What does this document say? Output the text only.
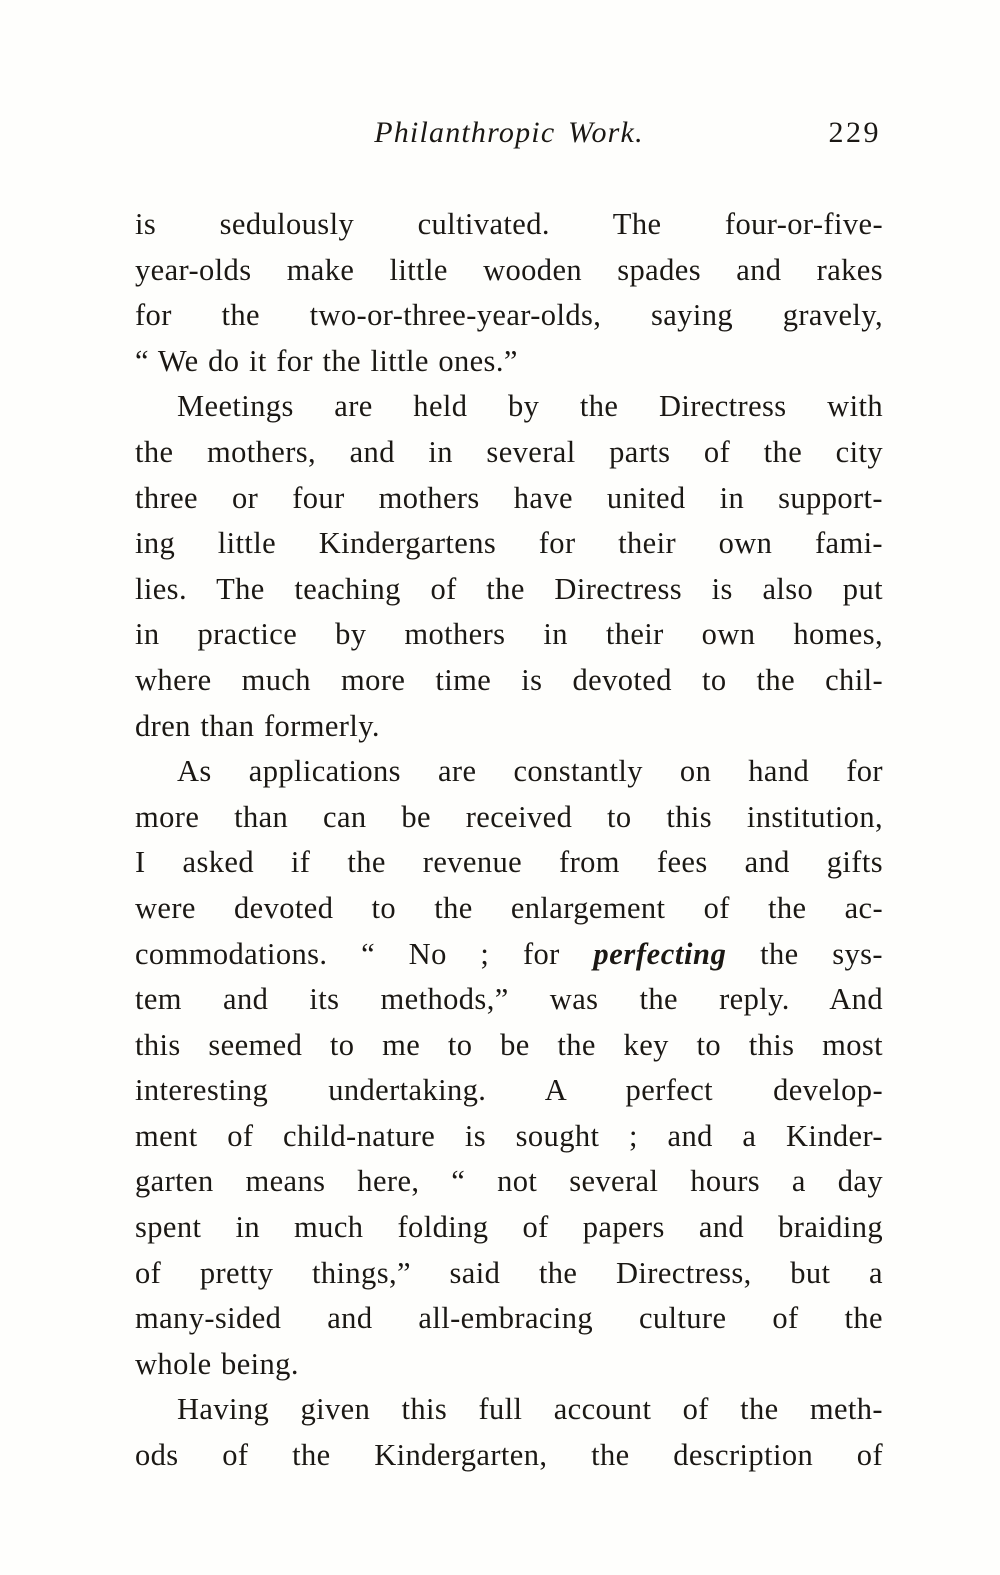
Philanthropic Work.	229
is sedulously cultivated. The four-or-five-
year-olds make little wooden spades and rakes
for the two-or-three-year-olds, saying gravely,
“ We do it for the little ones.”
Meetings are held by the Directress with
the mothers, and in several parts of the city
three or four mothers have united in support-
ing little Kindergartens for their own fami-
lies. The teaching of the Directress is also put
in practice by mothers in their own homes,
where much more time is devoted to the chil-
dren than formerly.
As applications are constantly on hand for
more than can be received to this institution,
I asked if the revenue from fees and gifts
were devoted to the enlargement of the ac-
commodations. “ No ; for perfecting the sys-
tem and its methods,” was the reply. And
this seemed to me to be the key to this most
interesting undertaking. A perfect develop-
ment of child-nature is sought ; and a Kinder-
garten means here, “ not several hours a day
spent in much folding of papers and braiding
of pretty things,” said the Directress, but a
many-sided and all-embracing culture of the
whole being.
Having given this full account of the meth-
ods of the Kindergarten, the description of
